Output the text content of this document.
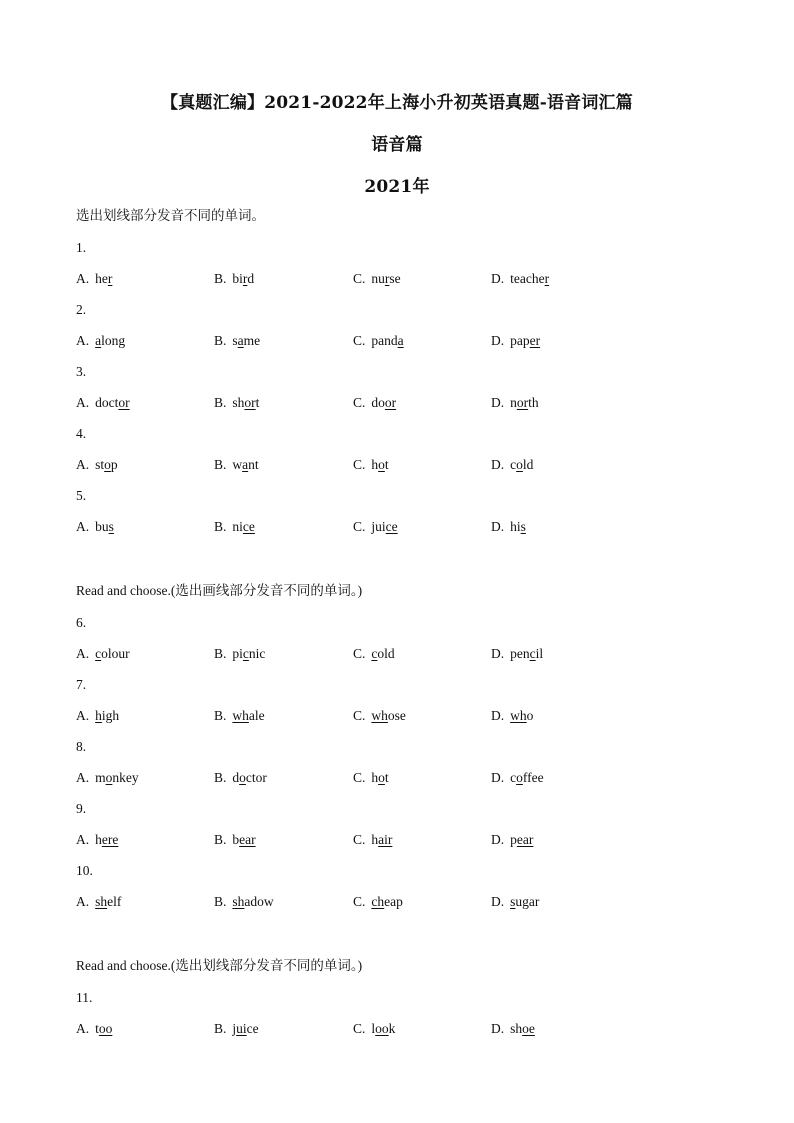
【真题汇编】2021-2022年上海小升初英语真题-语音词汇篇
语音篇
2021年
选出划线部分发音不同的单词。
1.
A. her	B. bird	C. nurse	D. teacher
2.
A. along	B. same	C. panda	D. paper
3.
A. doctor	B. short	C. door	D. north
4.
A. stop	B. want	C. hot	D. cold
5.
A. bus	B. nice	C. juice	D. his
Read and choose.(选出画线部分发音不同的单词。)
6.
A. colour	B. picnic	C. cold	D. pencil
7.
A. high	B. whale	C. whose	D. who
8.
A. monkey	B. doctor	C. hot	D. coffee
9.
A. here	B. bear	C. hair	D. pear
10.
A. shelf	B. shadow	C. cheap	D. sugar
Read and choose.(选出划线部分发音不同的单词。)
11.
A. too	B. juice	C. look	D. shoe
